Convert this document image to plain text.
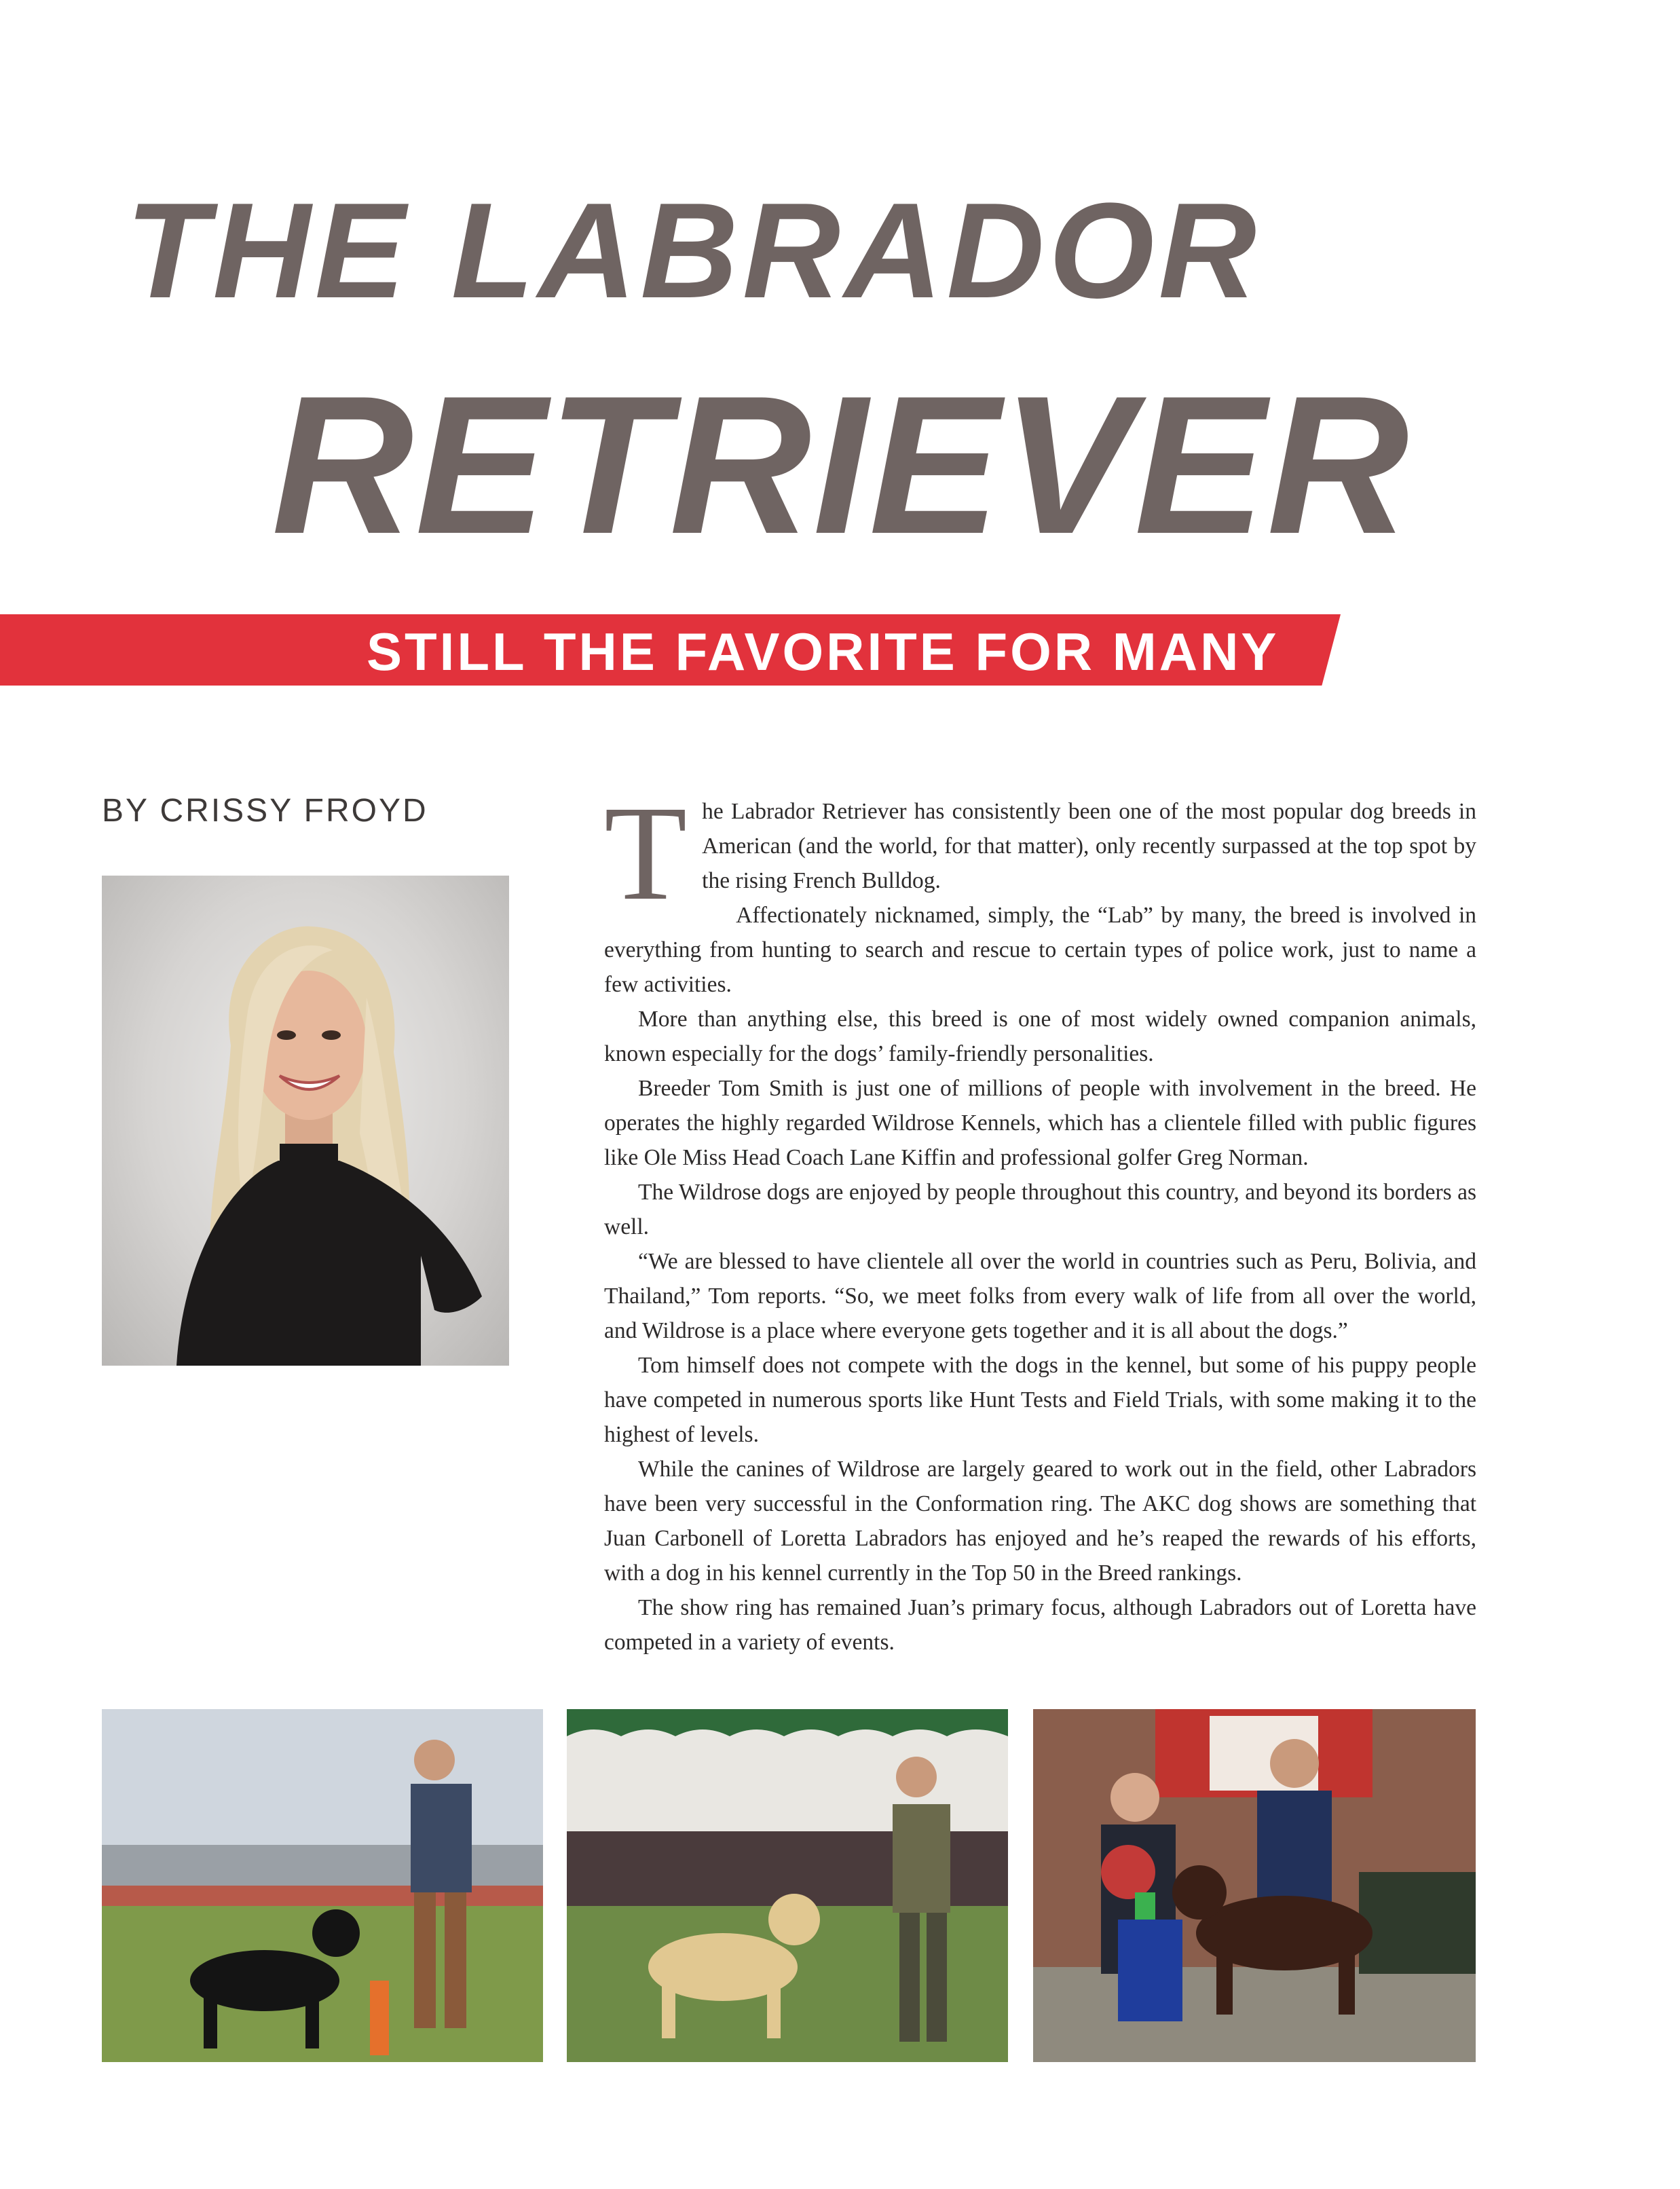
THE LABRADOR
RETRIEVER
STILL THE FAVORITE FOR MANY
BY CRISSY FROYD T he Labrador Retriever has consistently been one of the most popular dog breeds in American (and the world, for that matter), only recently surpassed at the top spot by the rising French Bulldog.

Affectionately nicknamed, simply, the “Lab” by many, the breed is involved in everything from hunting to search and rescue to certain types of police work, just to name a few activities.

More than anything else, this breed is one of most widely owned companion animals, known especially for the dogs’ family-friendly personalities.

Breeder Tom Smith is just one of millions of people with involvement in the breed. He operates the highly regarded Wildrose Kennels, which has a clientele filled with public figures like Ole Miss Head Coach Lane Kiffin and professional golfer Greg Norman.

The Wildrose dogs are enjoyed by people throughout this country, and beyond its borders as well.

“We are blessed to have clientele all over the world in countries such as Peru, Bolivia, and Thailand,” Tom reports. “So, we meet folks from every walk of life from all over the world, and Wildrose is a place where everyone gets together and it is all about the dogs.”

Tom himself does not compete with the dogs in the kennel, but some of his puppy people have competed in numerous sports like Hunt Tests and Field Trials, with some making it to the highest of levels.

While the canines of Wildrose are largely geared to work out in the field, other Labradors have been very successful in the Conformation ring. The AKC dog shows are something that Juan Carbonell of Loretta Labradors has enjoyed and he’s reaped the rewards of his efforts, with a dog in his kennel currently in the Top 50 in the Breed rankings.

The show ring has remained Juan’s primary focus, although Labradors out of Loretta have competed in a variety of events.
